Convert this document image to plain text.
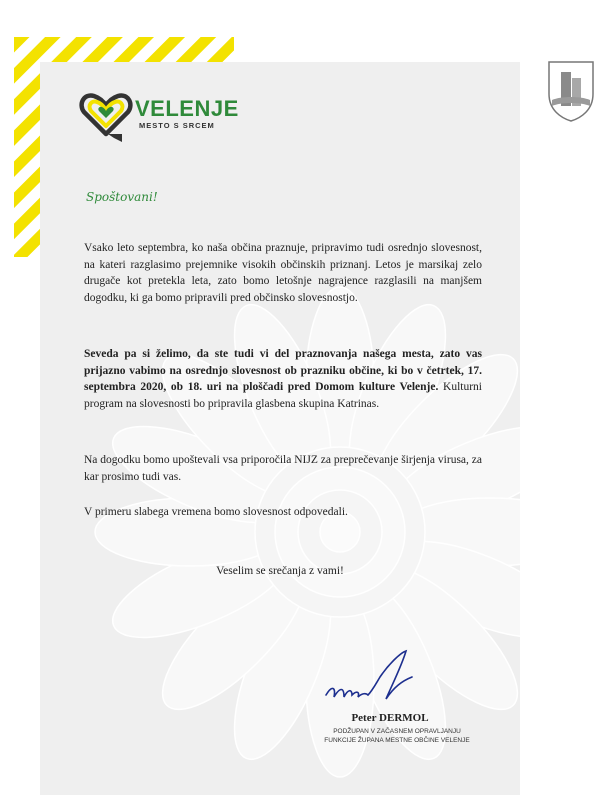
VELENJE
MESTO S SRCEM
Spoštovani!
Vsako leto septembra, ko naša občina praznuje, pripravimo tudi osrednjo slovesnost, na kateri razglasimo prejemnike visokih občinskih priznanj. Letos je marsikaj zelo drugače kot pretekla leta, zato bomo letošnje nagrajence razglasili na manjšem dogodku, ki ga bomo pripravili pred občinsko slovesnostjo.
Seveda pa si želimo, da ste tudi vi del praznovanja našega mesta, zato vas prijazno vabimo na osrednjo slovesnost ob prazniku občine, ki bo v četrtek, 17. septembra 2020, ob 18. uri na ploščadi pred Domom kulture Velenje. Kulturni program na slovesnosti bo pripravila glasbena skupina Katrinas.
Na dogodku bomo upoštevali vsa priporočila NIJZ za preprečevanje širjenja virusa, za kar prosimo tudi vas.
V primeru slabega vremena bomo slovesnost odpovedali.
Veselim se srečanja z vami!
Peter DERMOL
PODŽUPAN V ZAČASNEM OPRAVLJANJU
FUNKCIJE ŽUPANA MESTNE OBČINE VELENJE
